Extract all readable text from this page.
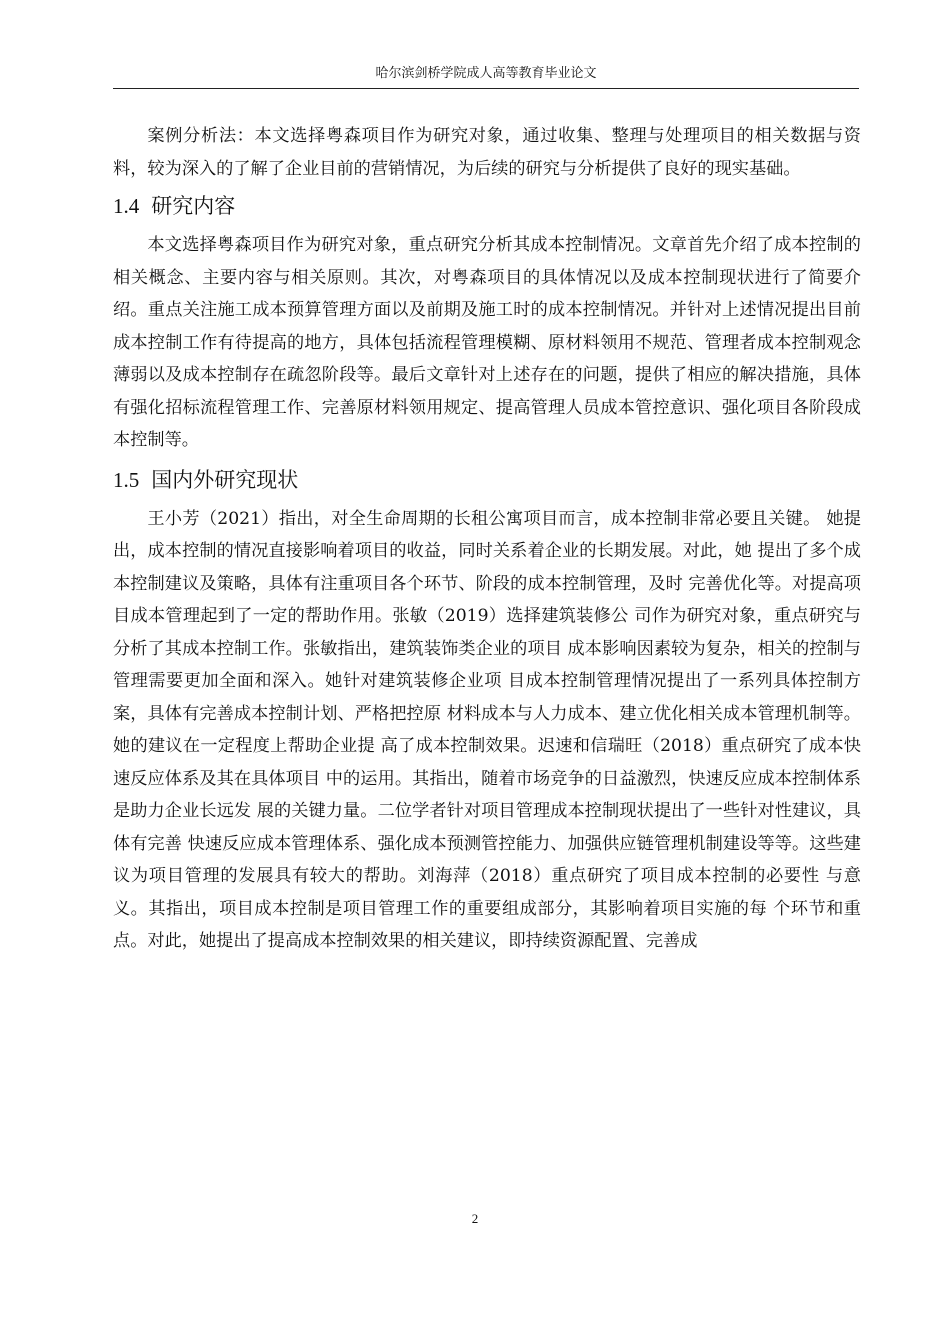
哈尔滨剑桥学院成人高等教育毕业论文

案例分析法：本文选择粤森项目作为研究对象，通过收集、整理与处理项目的相关数据与资料，较为深入的了解了企业目前的营销情况，为后续的研究与分析提供了良好的现实基础。

1.4 研究内容

本文选择粤森项目作为研究对象，重点研究分析其成本控制情况。文章首先介绍了成本控制的相关概念、主要内容与相关原则。其次，对粤森项目的具体情况以及成本控制现状进行了简要介绍。重点关注施工成本预算管理方面以及前期及施工时的成本控制情况。并针对上述情况提出目前成本控制工作有待提高的地方，具体包括流程管理模糊、原材料领用不规范、管理者成本控制观念薄弱以及成本控制存在疏忽阶段等。最后文章针对上述存在的问题，提供了相应的解决措施，具体有强化招标流程管理工作、完善原材料领用规定、提高管理人员成本管控意识、强化项目各阶段成本控制等。

1.5 国内外研究现状

王小芳（2021）指出，对全生命周期的长租公寓项目而言，成本控制非常必要且关键。 她提出，成本控制的情况直接影响着项目的收益，同时关系着企业的长期发展。对此，她 提出了多个成本控制建议及策略，具体有注重项目各个环节、阶段的成本控制管理，及时 完善优化等。对提高项目成本管理起到了一定的帮助作用。张敏（2019）选择建筑装修公 司作为研究对象，重点研究与分析了其成本控制工作。张敏指出，建筑装饰类企业的项目 成本影响因素较为复杂，相关的控制与管理需要更加全面和深入。她针对建筑装修企业项 目成本控制管理情况提出了一系列具体控制方案，具体有完善成本控制计划、严格把控原 材料成本与人力成本、建立优化相关成本管理机制等。她的建议在一定程度上帮助企业提 高了成本控制效果。迟速和信瑞旺（2018）重点研究了成本快速反应体系及其在具体项目 中的运用。其指出，随着市场竞争的日益激烈，快速反应成本控制体系是助力企业长远发 展的关键力量。二位学者针对项目管理成本控制现状提出了一些针对性建议，具体有完善 快速反应成本管理体系、强化成本预测管控能力、加强供应链管理机制建设等等。这些建 议为项目管理的发展具有较大的帮助。刘海萍（2018）重点研究了项目成本控制的必要性 与意义。其指出，项目成本控制是项目管理工作的重要组成部分，其影响着项目实施的每 个环节和重点。对此，她提出了提高成本控制效果的相关建议，即持续资源配置、完善成

2
